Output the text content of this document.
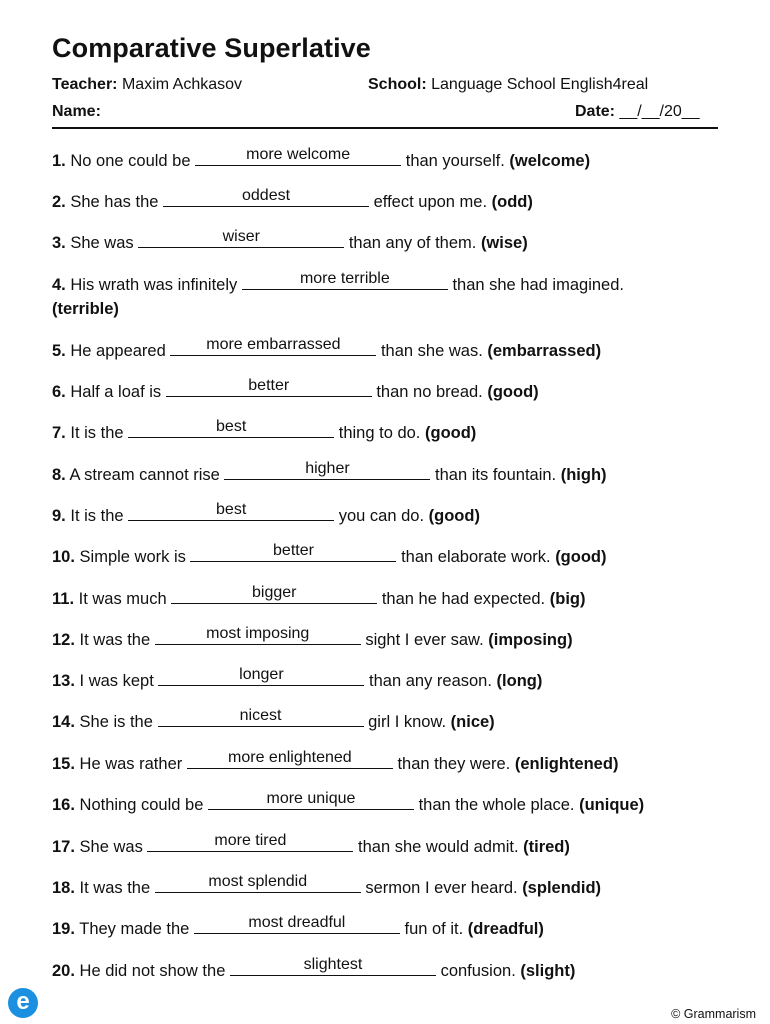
Comparative Superlative
Teacher: Maxim Achkasov	School: Language School English4real
Name:	Date: __/__/20__
1. No one could be	more welcome	than yourself. (welcome)
2. She has the	oddest	effect upon me. (odd)
3. She was	wiser	than any of them. (wise)
4. His wrath was infinitely	more terrible	than she had imagined.
(terrible)
5. He appeared	more embarrassed	than she was. (embarrassed)
6. Half a loaf is	better	than no bread. (good)
7. It is the	best	thing to do. (good)
8. A stream cannot rise	higher	than its fountain. (high)
9. It is the	best	you can do. (good)
10. Simple work is	better	than elaborate work. (good)
11. It was much	bigger	than he had expected. (big)
12. It was the	most imposing	sight I ever saw. (imposing)
13. I was kept	longer	than any reason. (long)
14. She is the	nicest	girl I know. (nice)
15. He was rather	more enlightened	than they were. (enlightened)
16. Nothing could be	more unique	than the whole place. (unique)
17. She was	more tired	than she would admit. (tired)
18. It was the	most splendid	sermon I ever heard. (splendid)
19. They made the	most dreadful	fun of it. (dreadful)
20. He did not show the	slightest	confusion. (slight)
e	© Grammarism
